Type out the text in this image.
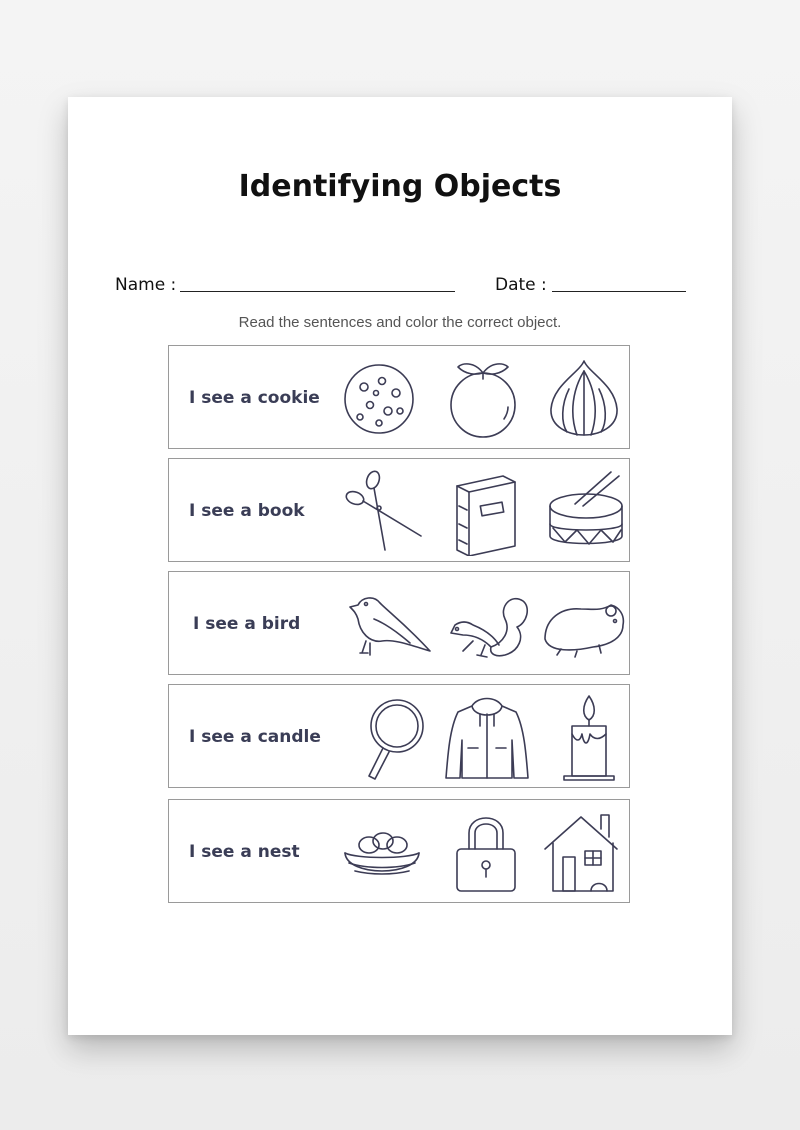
Identifying Objects
Name :	Date :
Read the sentences and color the correct object.
I see a cookie
I see a book
I see a bird
I see a candle
I see a nest
